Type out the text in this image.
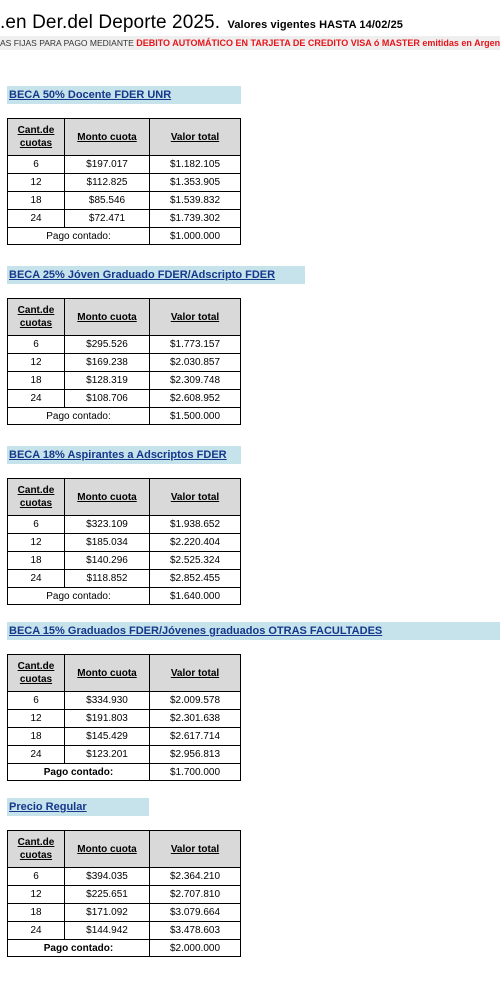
.en Der.del Deporte 2025. Valores vigentes HASTA 14/02/25
AS FIJAS PARA PAGO MEDIANTE DEBITO AUTOMÁTICO EN TARJETA DE CREDITO VISA ó MASTER emitidas en Argen
BECA 50% Docente FDER UNR
Cant.de cuotas	Monto cuota	Valor total
6	$197.017	$1.182.105
12	$112.825	$1.353.905
18	$85.546	$1.539.832
24	$72.471	$1.739.302
Pago contado:		$1.000.000
BECA 25% Jóven Graduado FDER/Adscripto FDER
Cant.de cuotas	Monto cuota	Valor total
6	$295.526	$1.773.157
12	$169.238	$2.030.857
18	$128.319	$2.309.748
24	$108.706	$2.608.952
Pago contado:		$1.500.000
BECA 18% Aspirantes a Adscriptos FDER
Cant.de cuotas	Monto cuota	Valor total
6	$323.109	$1.938.652
12	$185.034	$2.220.404
18	$140.296	$2.525.324
24	$118.852	$2.852.455
Pago contado:		$1.640.000
BECA 15% Graduados FDER/Jóvenes graduados OTRAS FACULTADES
Cant.de cuotas	Monto cuota	Valor total
6	$334.930	$2.009.578
12	$191.803	$2.301.638
18	$145.429	$2.617.714
24	$123.201	$2.956.813
Pago contado:		$1.700.000
Precio Regular
Cant.de cuotas	Monto cuota	Valor total
6	$394.035	$2.364.210
12	$225.651	$2.707.810
18	$171.092	$3.079.664
24	$144.942	$3.478.603
Pago contado:		$2.000.000
